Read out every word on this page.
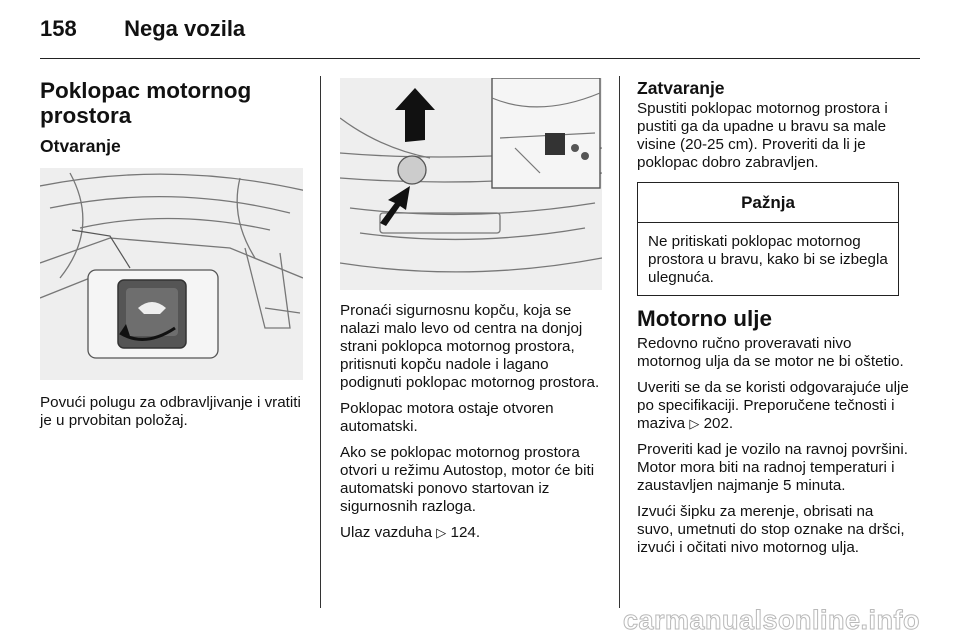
158 Nega vozila
Poklopac motornog prostora
Otvaranje

Povući polugu za odbravljivanje i vratiti je u prvobitan položaj.

Pronaći sigurnosnu kopču, koja se nalazi malo levo od centra na donjoj strani poklopca motornog prostora, pritisnuti kopču nadole i lagano podignuti poklopac motornog prostora.

Poklopac motora ostaje otvoren automatski.

Ako se poklopac motornog prostora otvori u režimu Autostop, motor će biti automatski ponovo startovan iz sigurnosnih razloga.

Ulaz vazduha ▷ 124.

Zatvaranje

Spustiti poklopac motornog prostora i pustiti ga da upadne u bravu sa male visine (20-25 cm). Proveriti da li je poklopac dobro zabravljen.

Pažnja
Ne pritiskati poklopac motornog prostora u bravu, kako bi se izbegla ulegnuća.
Motorno ulje

Redovno ručno proveravati nivo motornog ulja da se motor ne bi oštetio.

Uveriti se da se koristi odgovarajuće ulje po specifikaciji. Preporučene tečnosti i maziva ▷ 202.

Proveriti kad je vozilo na ravnoj površini. Motor mora biti na radnoj temperaturi i zaustavljen najmanje 5 minuta.

Izvući šipku za merenje, obrisati na suvo, umetnuti do stop oznake na dršci, izvući i očitati nivo motornog ulja.

carmanualsonline.info
